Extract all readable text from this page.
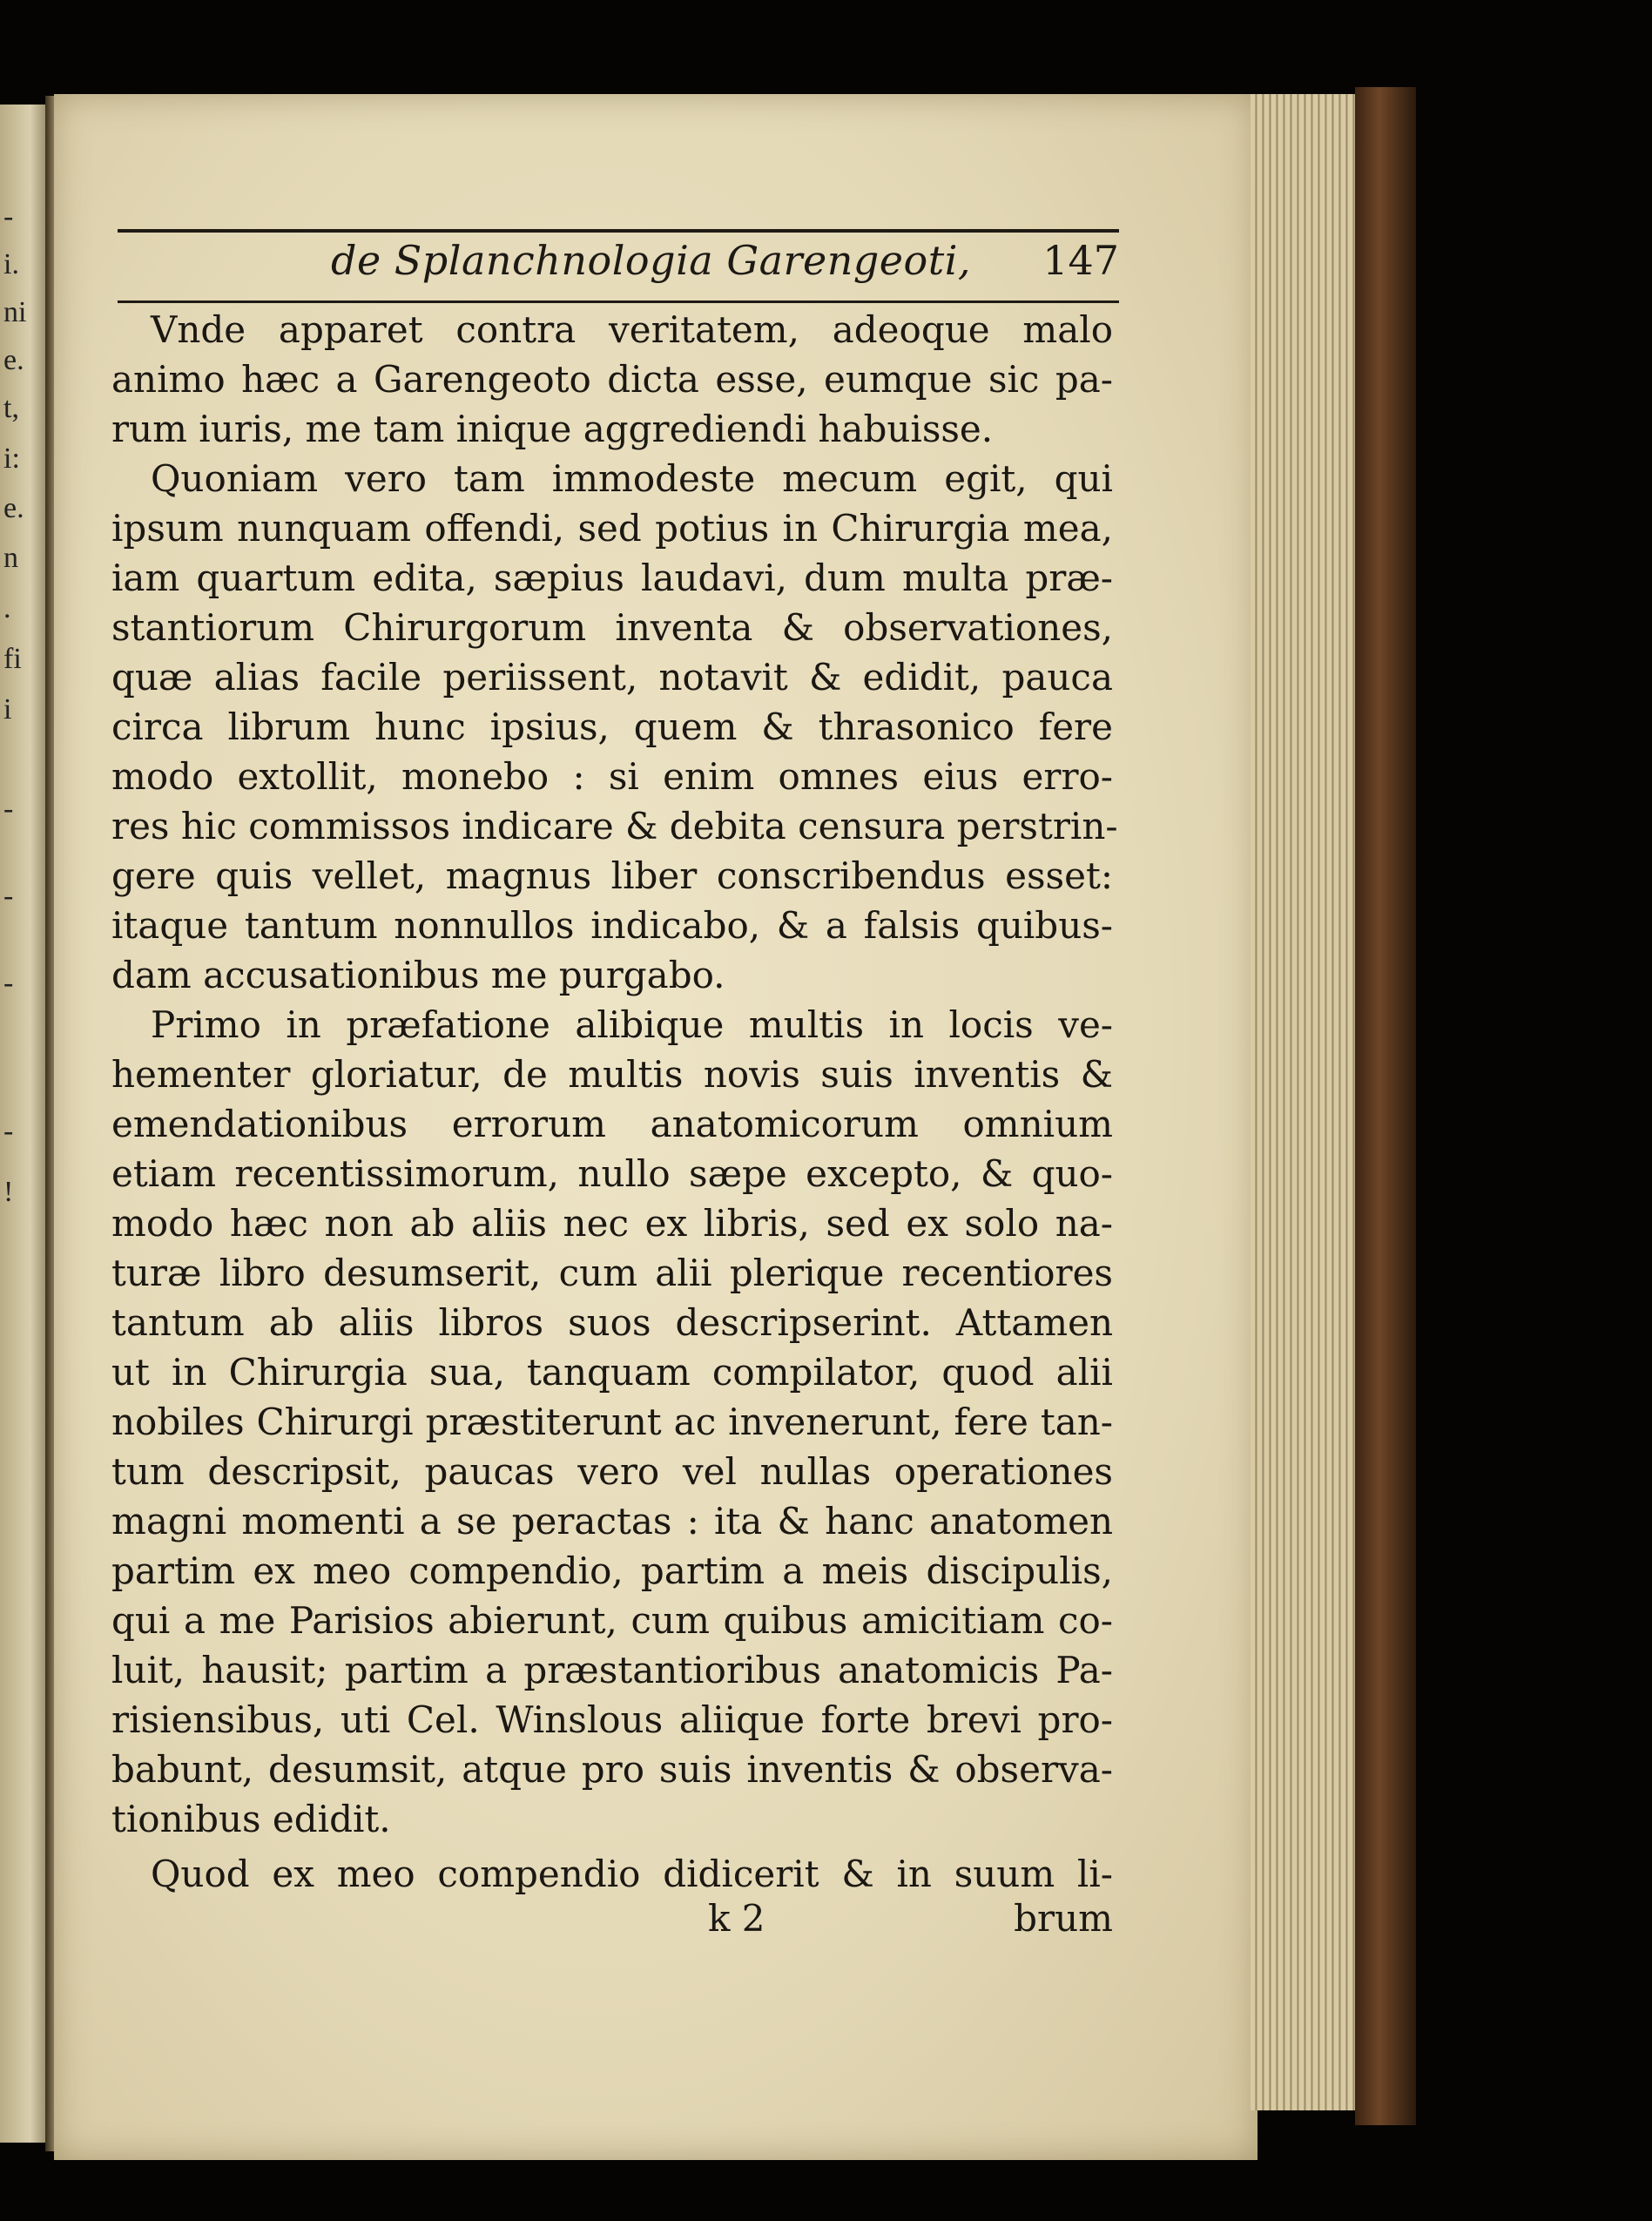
-
i.
ni
e.
t,
i:
e.
n
.
fi
i
-
-
-
-
!
de Splanchnologia Garengeoti, 147
Vnde apparet contra veritatem, adeoque malo
animo hæc a Garengeoto dicta esse, eumque sic pa-
rum iuris, me tam inique aggrediendi habuisse.
Quoniam vero tam immodeste mecum egit, qui
ipsum nunquam offendi, sed potius in Chirurgia mea,
iam quartum edita, sæpius laudavi, dum multa præ-
stantiorum Chirurgorum inventa & observationes,
quæ alias facile periissent, notavit & edidit, pauca
circa librum hunc ipsius, quem & thrasonico fere
modo extollit, monebo : si enim omnes eius erro-
res hic commissos indicare & debita censura perstrin-
gere quis vellet, magnus liber conscribendus esset:
itaque tantum nonnullos indicabo, & a falsis quibus-
dam accusationibus me purgabo.
Primo in præfatione alibique multis in locis ve-
hementer gloriatur, de multis novis suis inventis &
emendationibus errorum anatomicorum omnium
etiam recentissimorum, nullo sæpe excepto, & quo-
modo hæc non ab aliis nec ex libris, sed ex solo na-
turæ libro desumserit, cum alii plerique recentiores
tantum ab aliis libros suos descripserint. Attamen
ut in Chirurgia sua, tanquam compilator, quod alii
nobiles Chirurgi præstiterunt ac invenerunt, fere tan-
tum descripsit, paucas vero vel nullas operationes
magni momenti a se peractas : ita & hanc anatomen
partim ex meo compendio, partim a meis discipulis,
qui a me Parisios abierunt, cum quibus amicitiam co-
luit, hausit; partim a præstantioribus anatomicis Pa-
risiensibus, uti Cel. Winslous aliique forte brevi pro-
babunt, desumsit, atque pro suis inventis & observa-
tionibus edidit.
Quod ex meo compendio didicerit & in suum li-
k 2	brum
